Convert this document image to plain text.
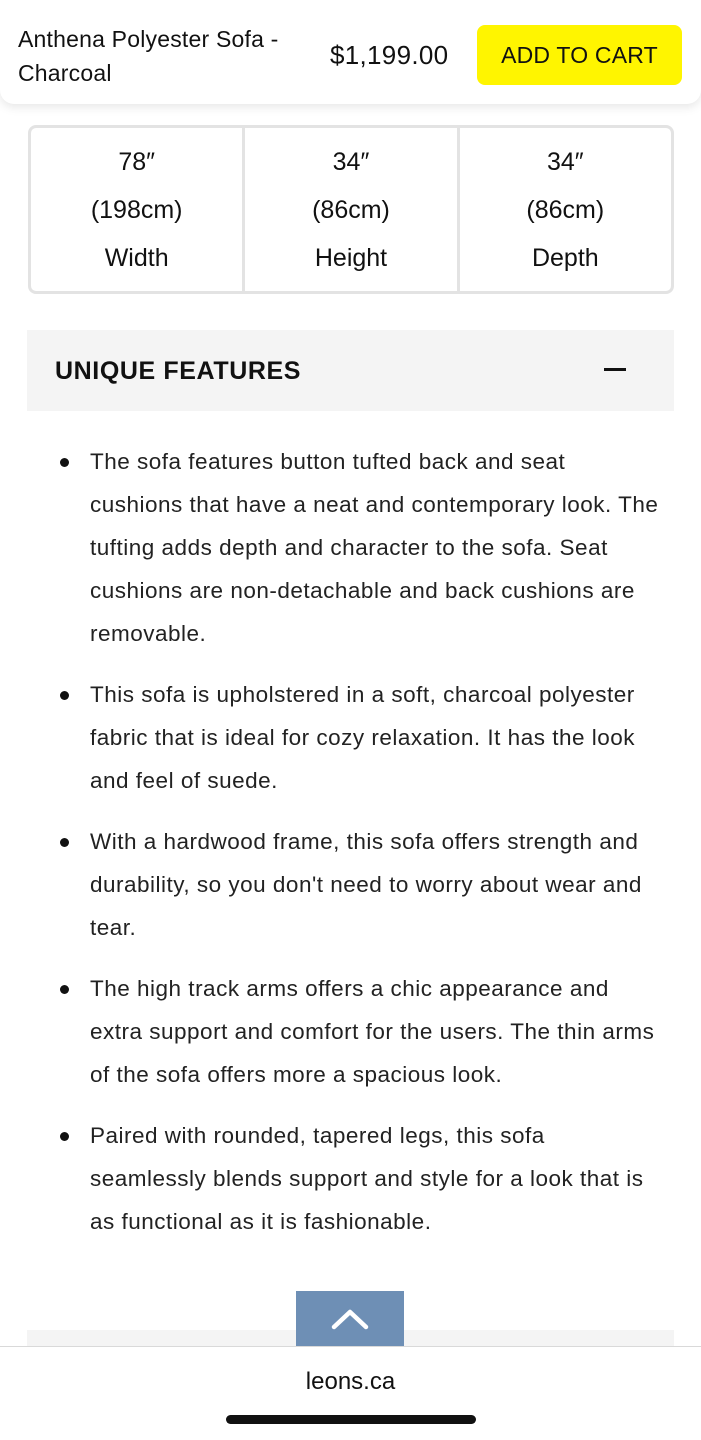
Anthena Polyester Sofa - Charcoal
$1,199.00	ADD TO CART
78″
(198cm)
Width
34″
(86cm)
Height
34″
(86cm)
Depth
UNIQUE FEATURES
The sofa features button tufted back and seat cushions that have a neat and contemporary look. The tufting adds depth and character to the sofa. Seat cushions are non-detachable and back cushions are removable.
This sofa is upholstered in a soft, charcoal polyester fabric that is ideal for cozy relaxation. It has the look and feel of suede.
With a hardwood frame, this sofa offers strength and durability, so you don't need to worry about wear and tear.
The high track arms offers a chic appearance and extra support and comfort for the users. The thin arms of the sofa offers more a spacious look.
Paired with rounded, tapered legs, this sofa seamlessly blends support and style for a look that is as functional as it is fashionable.
leons.ca
